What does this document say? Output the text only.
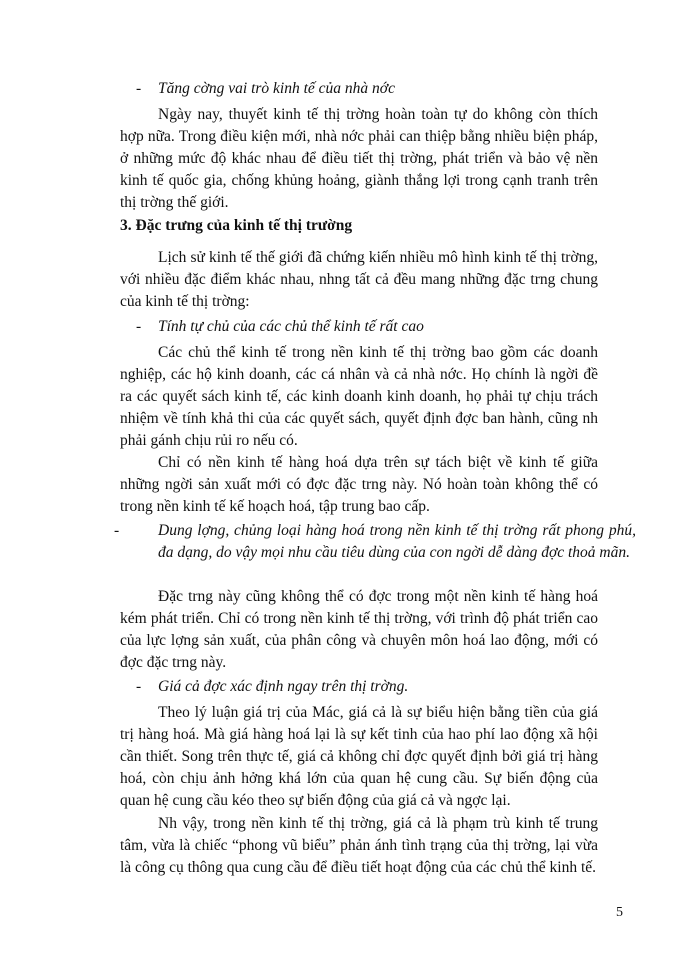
- Tăng cờng vai trò kinh tế của nhà nớc

Ngày nay, thuyết kinh tế thị trờng hoàn toàn tự do không còn thích hợp nữa. Trong điều kiện mới, nhà nớc phải can thiệp bằng nhiều biện pháp, ở những mức độ khác nhau để điều tiết thị trờng, phát triển và bảo vệ nền kinh tế quốc gia, chống khủng hoảng, giành thắng lợi trong cạnh tranh trên thị trờng thế giới.

3. Đặc trưng của kinh tế thị trường

Lịch sử kinh tế thế giới đã chứng kiến nhiều mô hình kinh tế thị trờng, với nhiều đặc điểm khác nhau, nhng tất cả đều mang những đặc trng chung của kinh tế thị trờng:

- Tính tự chủ của các chủ thể kinh tế rất cao

Các chủ thể kinh tế trong nền kinh tế thị trờng bao gồm các doanh nghiệp, các hộ kinh doanh, các cá nhân và cả nhà nớc. Họ chính là ngời đề ra các quyết sách kinh tế, các kinh doanh kinh doanh, họ phải tự chịu trách nhiệm về tính khả thi của các quyết sách, quyết định đợc ban hành, cũng nh phải gánh chịu rủi ro nếu có.

Chỉ có nền kinh tế hàng hoá dựa trên sự tách biệt về kinh tế giữa những ngời sản xuất mới có đợc đặc trng này. Nó hoàn toàn không thể có trong nền kinh tế kế hoạch hoá, tập trung bao cấp.

-	Dung lợng, chủng loại hàng hoá trong nền kinh tế thị trờng rất phong phú, đa dạng, do vậy mọi nhu cầu tiêu dùng của con ngời dễ dàng đợc thoả mãn.

Đặc trng này cũng không thể có đợc trong một nền kinh tế hàng hoá kém phát triển. Chỉ có trong nền kinh tế thị trờng, với trình độ phát triển cao của lực lợng sản xuất, của phân công và chuyên môn hoá lao động, mới có đợc đặc trng này.

- Giá cả đợc xác định ngay trên thị trờng.

Theo lý luận giá trị của Mác, giá cả là sự biểu hiện bằng tiền của giá trị hàng hoá. Mà giá hàng hoá lại là sự kết tinh của hao phí lao động xã hội cần thiết. Song trên thực tế, giá cả không chỉ đợc quyết định bởi giá trị hàng hoá, còn chịu ảnh hởng khá lớn của quan hệ cung cầu. Sự biến động của quan hệ cung cầu kéo theo sự biến động của giá cả và ngợc lại.

Nh vậy, trong nền kinh tế thị trờng, giá cả là phạm trù kinh tế trung tâm, vừa là chiếc “phong vũ biểu” phản ánh tình trạng của thị trờng, lại vừa là công cụ thông qua cung cầu để điều tiết hoạt động của các chủ thể kinh tế.

5
